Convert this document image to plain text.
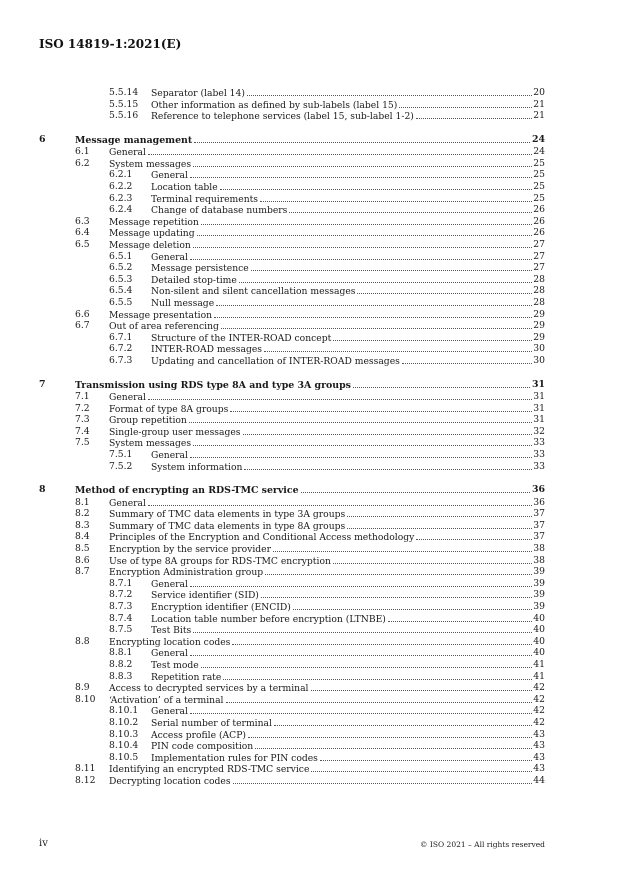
ISO 14819-1:2021(E)
5.5.14 Separator (label 14)	20
5.5.15 Other information as defined by sub-labels (label 15)	21
5.5.16 Reference to telephone services (label 15, sub-label 1-2)	21
6	Message management	24
6.1 General	24
6.2 System messages	25
6.2.1 General	25
6.2.2 Location table	25
6.2.3 Terminal requirements	25
6.2.4 Change of database numbers	26
6.3 Message repetition	26
6.4 Message updating	26
6.5 Message deletion	27
6.5.1 General	27
6.5.2 Message persistence	27
6.5.3 Detailed stop-time	28
6.5.4 Non-silent and silent cancellation messages	28
6.5.5 Null message	28
6.6 Message presentation	29
6.7 Out of area referencing	29
6.7.1 Structure of the INTER-ROAD concept	29
6.7.2 INTER-ROAD messages	30
6.7.3 Updating and cancellation of INTER-ROAD messages	30
7	Transmission using RDS type 8A and type 3A groups	31
7.1 General	31
7.2 Format of type 8A groups	31
7.3 Group repetition	31
7.4 Single-group user messages	32
7.5 System messages	33
7.5.1 General	33
7.5.2 System information	33
8	Method of encrypting an RDS-TMC service	36
8.1 General	36
8.2 Summary of TMC data elements in type 3A groups	37
8.3 Summary of TMC data elements in type 8A groups	37
8.4 Principles of the Encryption and Conditional Access methodology	37
8.5 Encryption by the service provider	38
8.6 Use of type 8A groups for RDS-TMC encryption	38
8.7 Encryption Administration group	39
8.7.1 General	39
8.7.2 Service identifier (SID)	39
8.7.3 Encryption identifier (ENCID)	39
8.7.4 Location table number before encryption (LTNBE)	40
8.7.5 Test Bits	40
8.8 Encrypting location codes	40
8.8.1 General	40
8.8.2 Test mode	41
8.8.3 Repetition rate	41
8.9 Access to decrypted services by a terminal	42
8.10 ‘Activation’ of a terminal	42
8.10.1 General	42
8.10.2 Serial number of terminal	42
8.10.3 Access profile (ACP)	43
8.10.4 PIN code composition	43
8.10.5 Implementation rules for PIN codes	43
8.11 Identifying an encrypted RDS-TMC service	43
8.12 Decrypting location codes	44
iv	© ISO 2021 – All rights reserved
